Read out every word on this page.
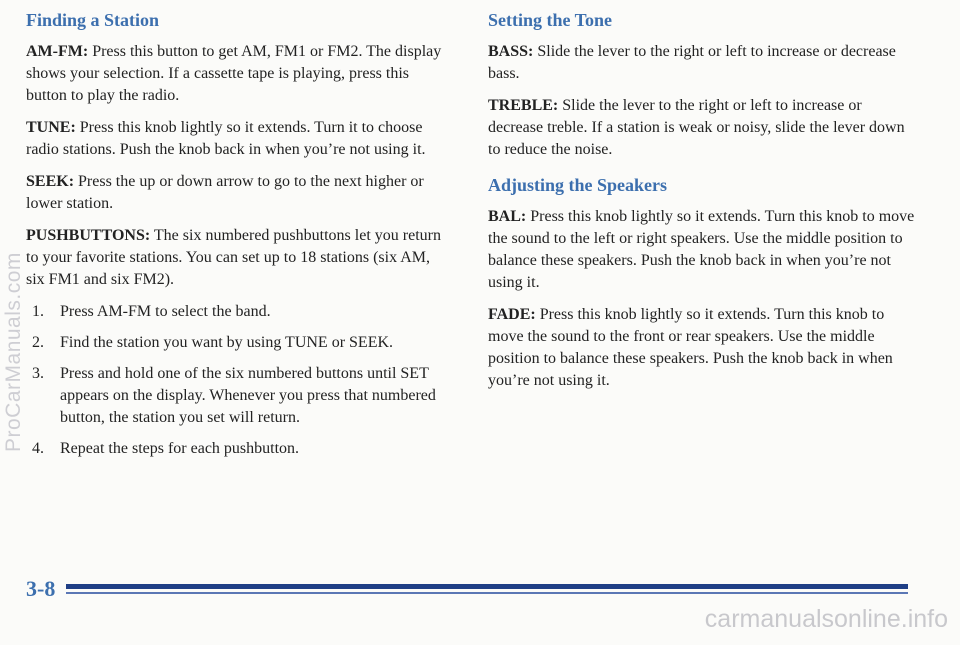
Finding a Station

AM-FM: Press this button to get AM, FM1 or FM2. The display shows your selection. If a cassette tape is playing, press this button to play the radio.

TUNE: Press this knob lightly so it extends. Turn it to choose radio stations. Push the knob back in when you’re not using it.

SEEK: Press the up or down arrow to go to the next higher or lower station.

PUSHBUTTONS: The six numbered pushbuttons let you return to your favorite stations. You can set up to 18 stations (six AM, six FM1 and six FM2).

1. Press AM-FM to select the band.
2. Find the station you want by using TUNE or SEEK.
3. Press and hold one of the six numbered buttons until SET appears on the display. Whenever you press that numbered button, the station you set will return.
4. Repeat the steps for each pushbutton.
Setting the Tone

BASS: Slide the lever to the right or left to increase or decrease bass.

TREBLE: Slide the lever to the right or left to increase or decrease treble. If a station is weak or noisy, slide the lever down to reduce the noise.

Adjusting the Speakers

BAL: Press this knob lightly so it extends. Turn this knob to move the sound to the left or right speakers. Use the middle position to balance these speakers. Push the knob back in when you’re not using it.

FADE: Press this knob lightly so it extends. Turn this knob to move the sound to the front or rear speakers. Use the middle position to balance these speakers. Push the knob back in when you’re not using it.

3-8
ProCarManuals.com
carmanualsonline.info
